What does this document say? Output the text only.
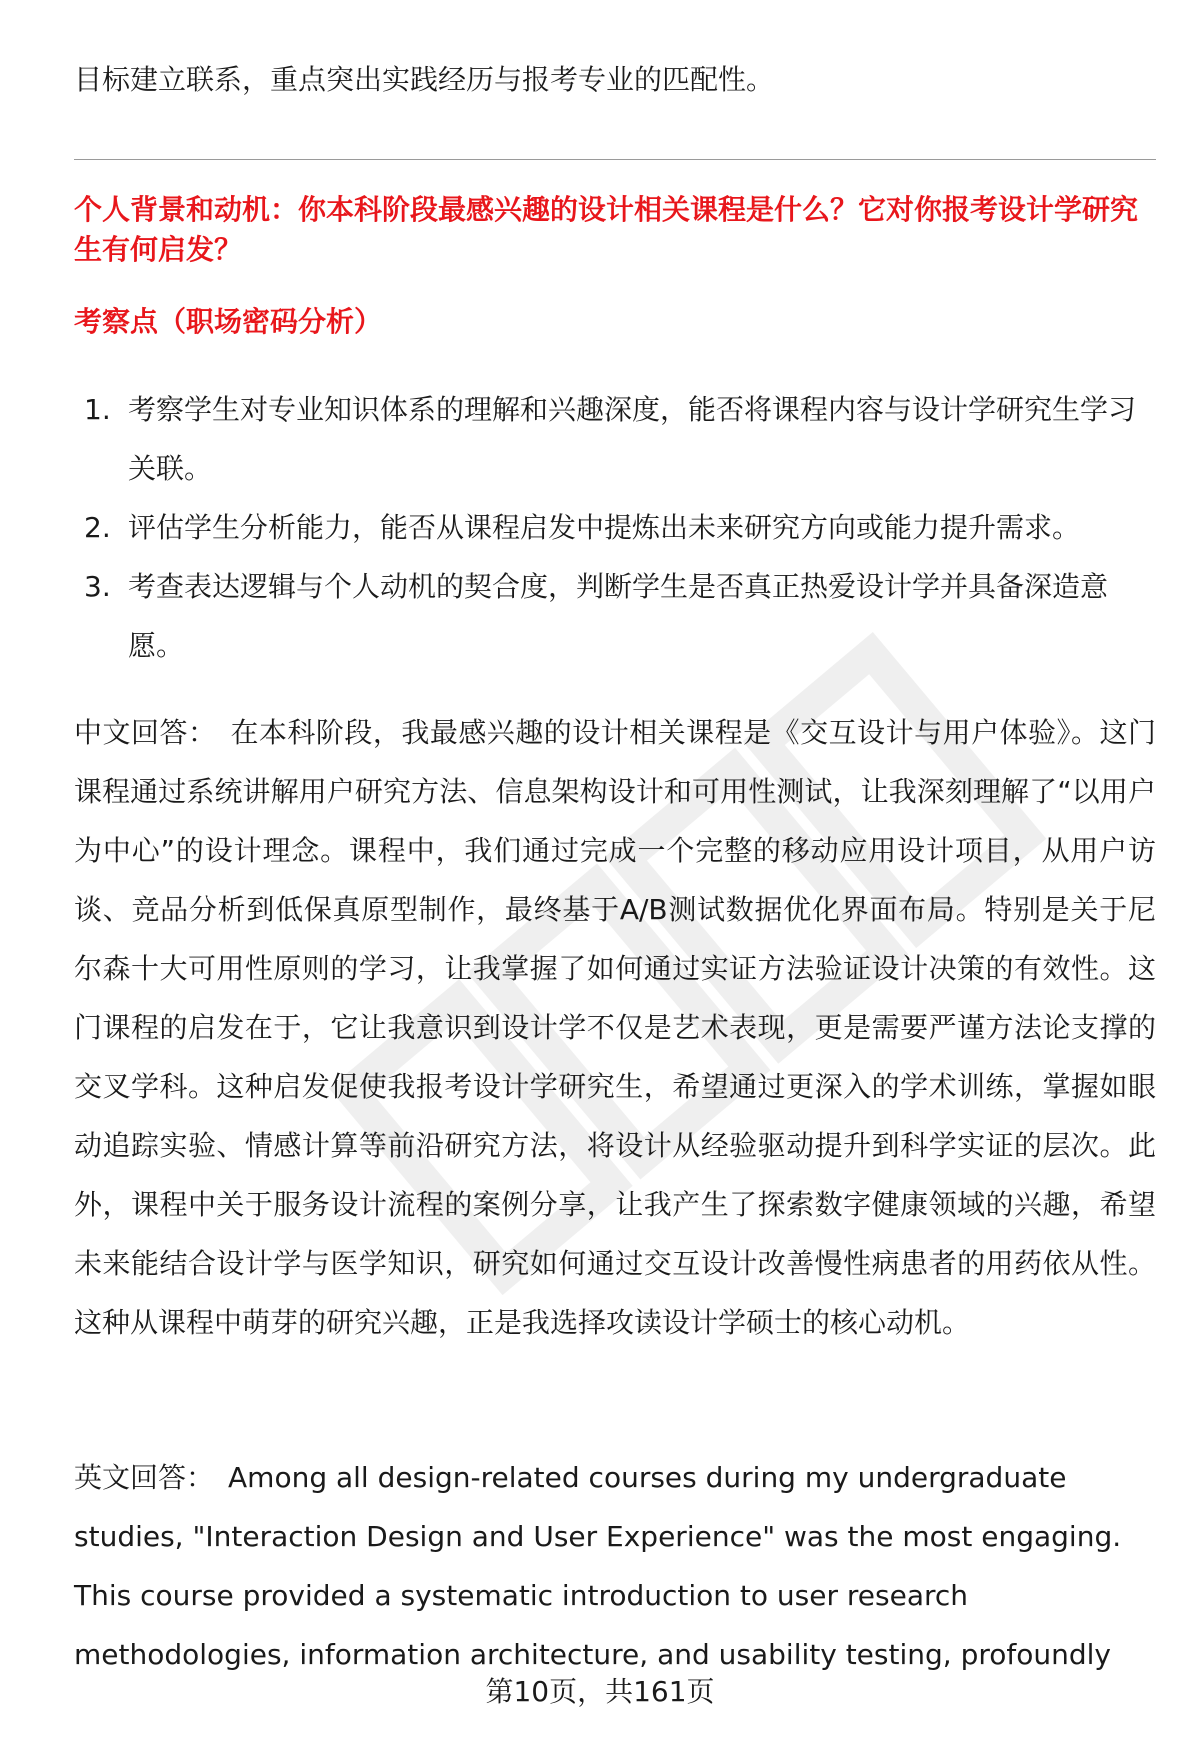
目标建立联系，重点突出实践经历与报考专业的匹配性。

个人背景和动机：你本科阶段最感兴趣的设计相关课程是什么？它对你报考设计学研究生有何启发？
考察点（职场密码分析）
1. 考察学生对专业知识体系的理解和兴趣深度，能否将课程内容与设计学研究生学习关联。
2. 评估学生分析能力，能否从课程启发中提炼出未来研究方向或能力提升需求。
3. 考查表达逻辑与个人动机的契合度，判断学生是否真正热爱设计学并具备深造意愿。

中文回答： 在本科阶段，我最感兴趣的设计相关课程是《交互设计与用户体验》。这门课程通过系统讲解用户研究方法、信息架构设计和可用性测试，让我深刻理解了“以用户为中心”的设计理念。课程中，我们通过完成一个完整的移动应用设计项目，从用户访谈、竞品分析到低保真原型制作，最终基于A/B测试数据优化界面布局。特别是关于尼尔森十大可用性原则的学习，让我掌握了如何通过实证方法验证设计决策的有效性。这门课程的启发在于，它让我意识到设计学不仅是艺术表现，更是需要严谨方法论支撑的交叉学科。这种启发促使我报考设计学研究生，希望通过更深入的学术训练，掌握如眼动追踪实验、情感计算等前沿研究方法，将设计从经验驱动提升到科学实证的层次。此外，课程中关于服务设计流程的案例分享，让我产生了探索数字健康领域的兴趣，希望未来能结合设计学与医学知识，研究如何通过交互设计改善慢性病患者的用药依从性。这种从课程中萌芽的研究兴趣，正是我选择攻读设计学硕士的核心动机。

英文回答： Among all design-related courses during my undergraduate studies, "Interaction Design and User Experience" was the most engaging. This course provided a systematic introduction to user research methodologies, information architecture, and usability testing, profoundly

第10页，共161页
